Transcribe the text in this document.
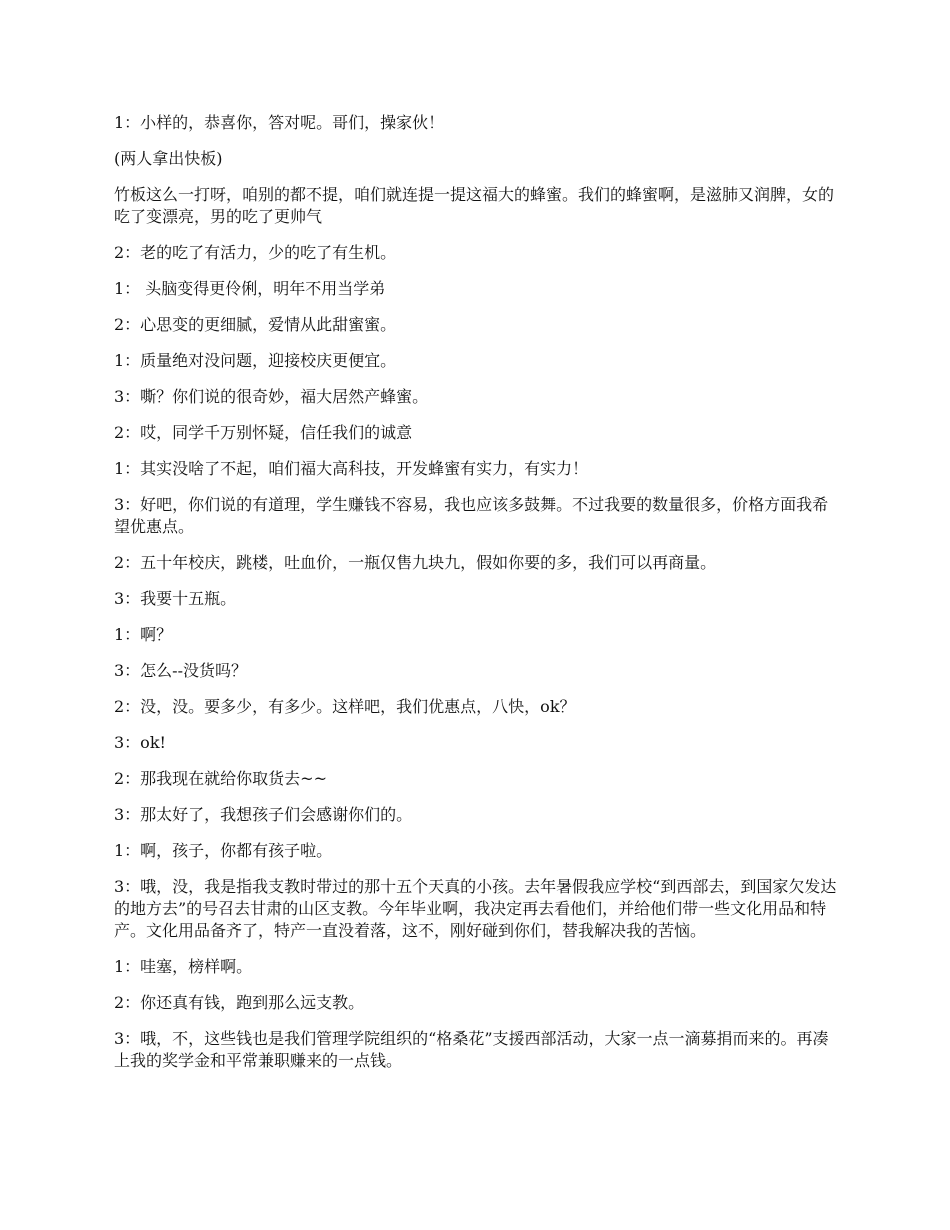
1：小样的，恭喜你，答对呢。哥们，操家伙！

(两人拿出快板)

竹板这么一打呀，咱别的都不提，咱们就连提一提这福大的蜂蜜。我们的蜂蜜啊，是滋肺又润脾，女的吃了变漂亮，男的吃了更帅气

2：老的吃了有活力，少的吃了有生机。

1： 头脑变得更伶俐，明年不用当学弟

2：心思变的更细腻，爱情从此甜蜜蜜。

1：质量绝对没问题，迎接校庆更便宜。

3：嘶？你们说的很奇妙，福大居然产蜂蜜。

2：哎，同学千万别怀疑，信任我们的诚意

1：其实没啥了不起，咱们福大高科技，开发蜂蜜有实力，有实力！

3：好吧，你们说的有道理，学生赚钱不容易，我也应该多鼓舞。不过我要的数量很多，价格方面我希望优惠点。

2：五十年校庆，跳楼，吐血价，一瓶仅售九块九，假如你要的多，我们可以再商量。

3：我要十五瓶。

1：啊？

3：怎么--没货吗？

2：没，没。要多少，有多少。这样吧，我们优惠点，八快，ok？

3：ok!

2：那我现在就给你取货去~~

3：那太好了，我想孩子们会感谢你们的。

1：啊，孩子，你都有孩子啦。

3：哦，没，我是指我支教时带过的那十五个天真的小孩。去年暑假我应学校“到西部去，到国家欠发达的地方去”的号召去甘肃的山区支教。今年毕业啊，我决定再去看他们，并给他们带一些文化用品和特产。文化用品备齐了，特产一直没着落，这不，刚好碰到你们，替我解决我的苦恼。

1：哇塞，榜样啊。

2：你还真有钱，跑到那么远支教。

3：哦，不，这些钱也是我们管理学院组织的“格桑花”支援西部活动，大家一点一滴募捐而来的。再凑上我的奖学金和平常兼职赚来的一点钱。
